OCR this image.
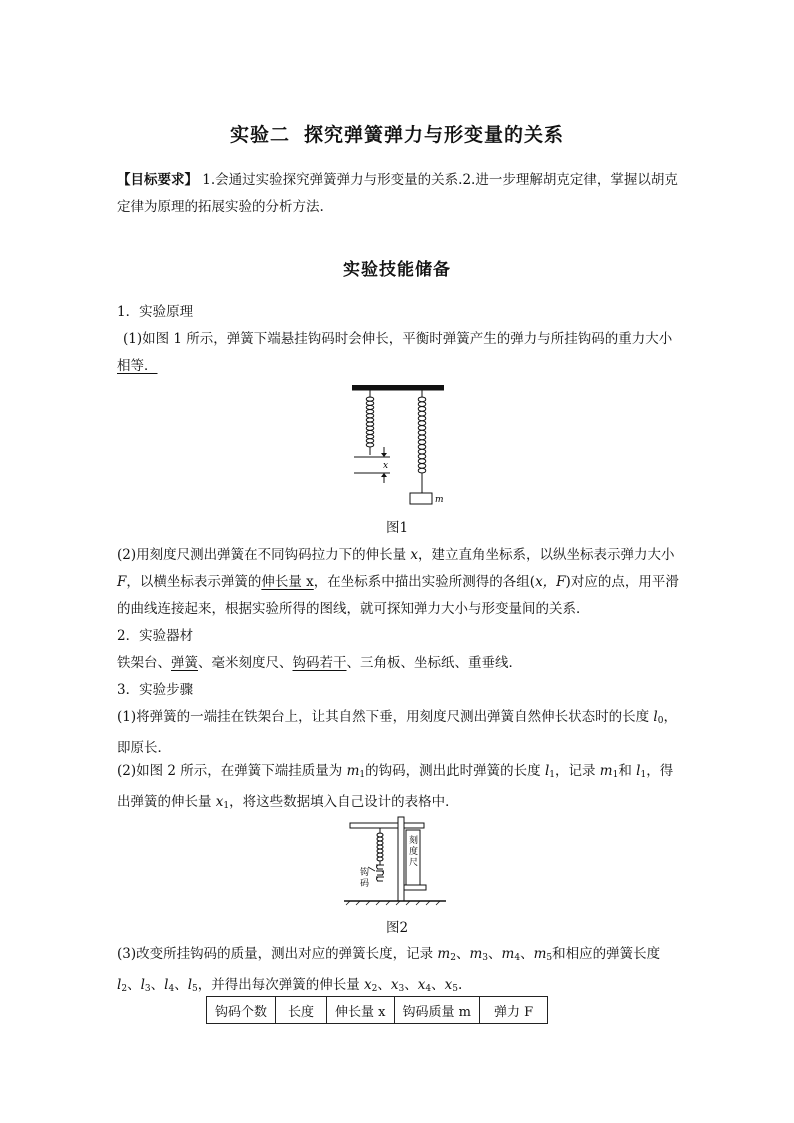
实验二 探究弹簧弹力与形变量的关系
【目标要求】 1.会通过实验探究弹簧弹力与形变量的关系.2.进一步理解胡克定律，掌握以胡克定律为原理的拓展实验的分析方法.
实验技能储备
1．实验原理
(1)如图 1 所示，弹簧下端悬挂钩码时会伸长，平衡时弹簧产生的弹力与所挂钩码的重力大小相等．
x
m
图1
(2)用刻度尺测出弹簧在不同钩码拉力下的伸长量 x，建立直角坐标系，以纵坐标表示弹力大小 F，以横坐标表示弹簧的伸长量 x，在坐标系中描出实验所测得的各组(x，F)对应的点，用平滑的曲线连接起来，根据实验所得的图线，就可探知弹力大小与形变量间的关系．
2．实验器材
铁架台、弹簧、毫米刻度尺、钩码若干、三角板、坐标纸、重垂线．
3．实验步骤
(1)将弹簧的一端挂在铁架台上，让其自然下垂，用刻度尺测出弹簧自然伸长状态时的长度 $l_0$，即原长．
(2)如图 2 所示，在弹簧下端挂质量为 $m_1$的钩码，测出此时弹簧的长度 $l_1$，记录 $m_1$和 $l_1$，得出弹簧的伸长量 $x_1$，将这些数据填入自己设计的表格中．
刻
度
尺
钩
码
图2
(3)改变所挂钩码的质量，测出对应的弹簧长度，记录 $m_2$、$m_3$、$m_4$、$m_5$和相应的弹簧长度 $l_2$、$l_3$、$l_4$、$l_5$，并得出每次弹簧的伸长量 $x_2$、$x_3$、$x_4$、$x_5$.
钩码个数	长度	伸长量 x	钩码质量 m	弹力 F
